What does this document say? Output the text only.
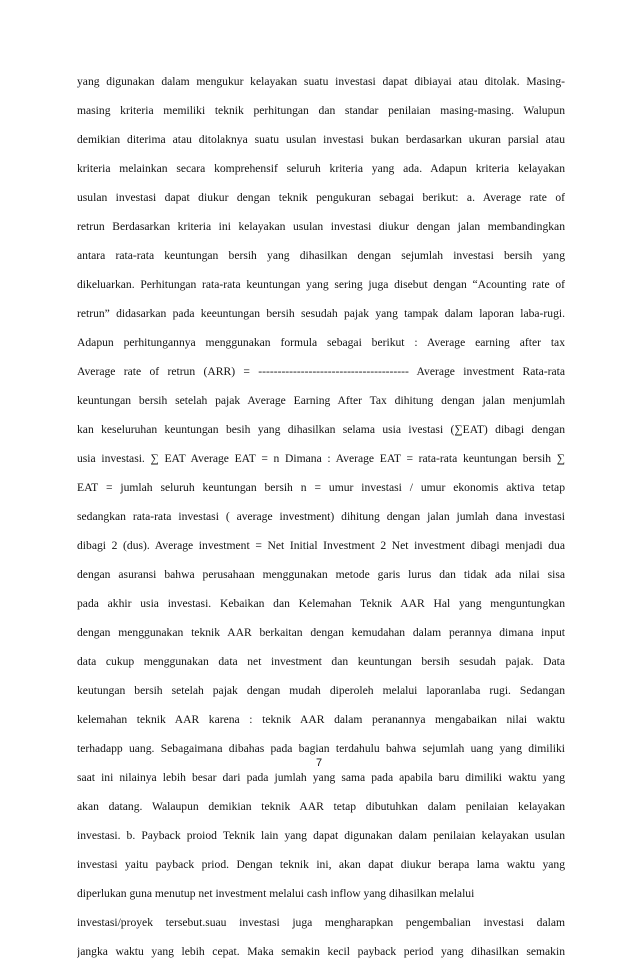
yang digunakan dalam mengukur kelayakan suatu investasi dapat dibiayai atau ditolak. Masing-
masing kriteria memiliki teknik perhitungan dan standar penilaian masing-masing. Walupun
demikian diterima atau ditolaknya suatu usulan investasi bukan berdasarkan ukuran parsial atau
kriteria melainkan secara komprehensif seluruh kriteria yang ada. Adapun kriteria kelayakan
usulan investasi dapat diukur dengan teknik pengukuran sebagai berikut: a. Average rate of
retrun Berdasarkan kriteria ini kelayakan usulan investasi diukur dengan jalan membandingkan
antara rata-rata keuntungan bersih yang dihasilkan dengan sejumlah investasi bersih yang
dikeluarkan. Perhitungan rata-rata keuntungan yang sering juga disebut dengan “Acounting rate of
retrun” didasarkan pada keeuntungan bersih sesudah pajak yang tampak dalam laporan laba-rugi.
Adapun perhitungannya menggunakan formula sebagai berikut : Average earning after tax
Average rate of retrun (ARR) = --------------------------------------- Average investment Rata-rata
keuntungan bersih setelah pajak Average Earning After Tax dihitung dengan jalan menjumlah
kan keseluruhan keuntungan besih yang dihasilkan selama usia ivestasi (∑EAT) dibagi dengan
usia investasi. ∑ EAT Average EAT = n Dimana : Average EAT = rata-rata keuntungan bersih ∑
EAT = jumlah seluruh keuntungan bersih n = umur investasi / umur ekonomis aktiva tetap
sedangkan rata-rata investasi ( average investment) dihitung dengan jalan jumlah dana investasi
dibagi 2 (dus). Average investment = Net Initial Investment 2 Net investment dibagi menjadi dua
dengan asuransi bahwa perusahaan menggunakan metode garis lurus dan tidak ada nilai sisa
pada akhir usia investasi. Kebaikan dan Kelemahan Teknik AAR Hal yang menguntungkan
dengan menggunakan teknik AAR berkaitan dengan kemudahan dalam perannya dimana input
data cukup menggunakan data net investment dan keuntungan bersih sesudah pajak. Data
keutungan bersih setelah pajak dengan mudah diperoleh melalui laporanlaba rugi. Sedangan
kelemahan teknik AAR karena : teknik AAR dalam peranannya mengabaikan nilai waktu
terhadapp uang. Sebagaimana dibahas pada bagian terdahulu bahwa sejumlah uang yang dimiliki
saat ini nilainya lebih besar dari pada jumlah yang sama pada apabila baru dimiliki waktu yang
akan datang. Walaupun demikian teknik AAR tetap dibutuhkan dalam penilaian kelayakan
investasi. b. Payback proiod Teknik lain yang dapat digunakan dalam penilaian kelayakan usulan
investasi yaitu payback priod. Dengan teknik ini, akan dapat diukur berapa lama waktu yang
diperlukan guna menutup net investment melalui cash inflow yang dihasilkan melalui
investasi/proyek tersebut.suau investasi juga mengharapkan pengembalian investasi dalam
jangka waktu yang lebih cepat. Maka semakin kecil payback period yang dihasilkan semakin
7
